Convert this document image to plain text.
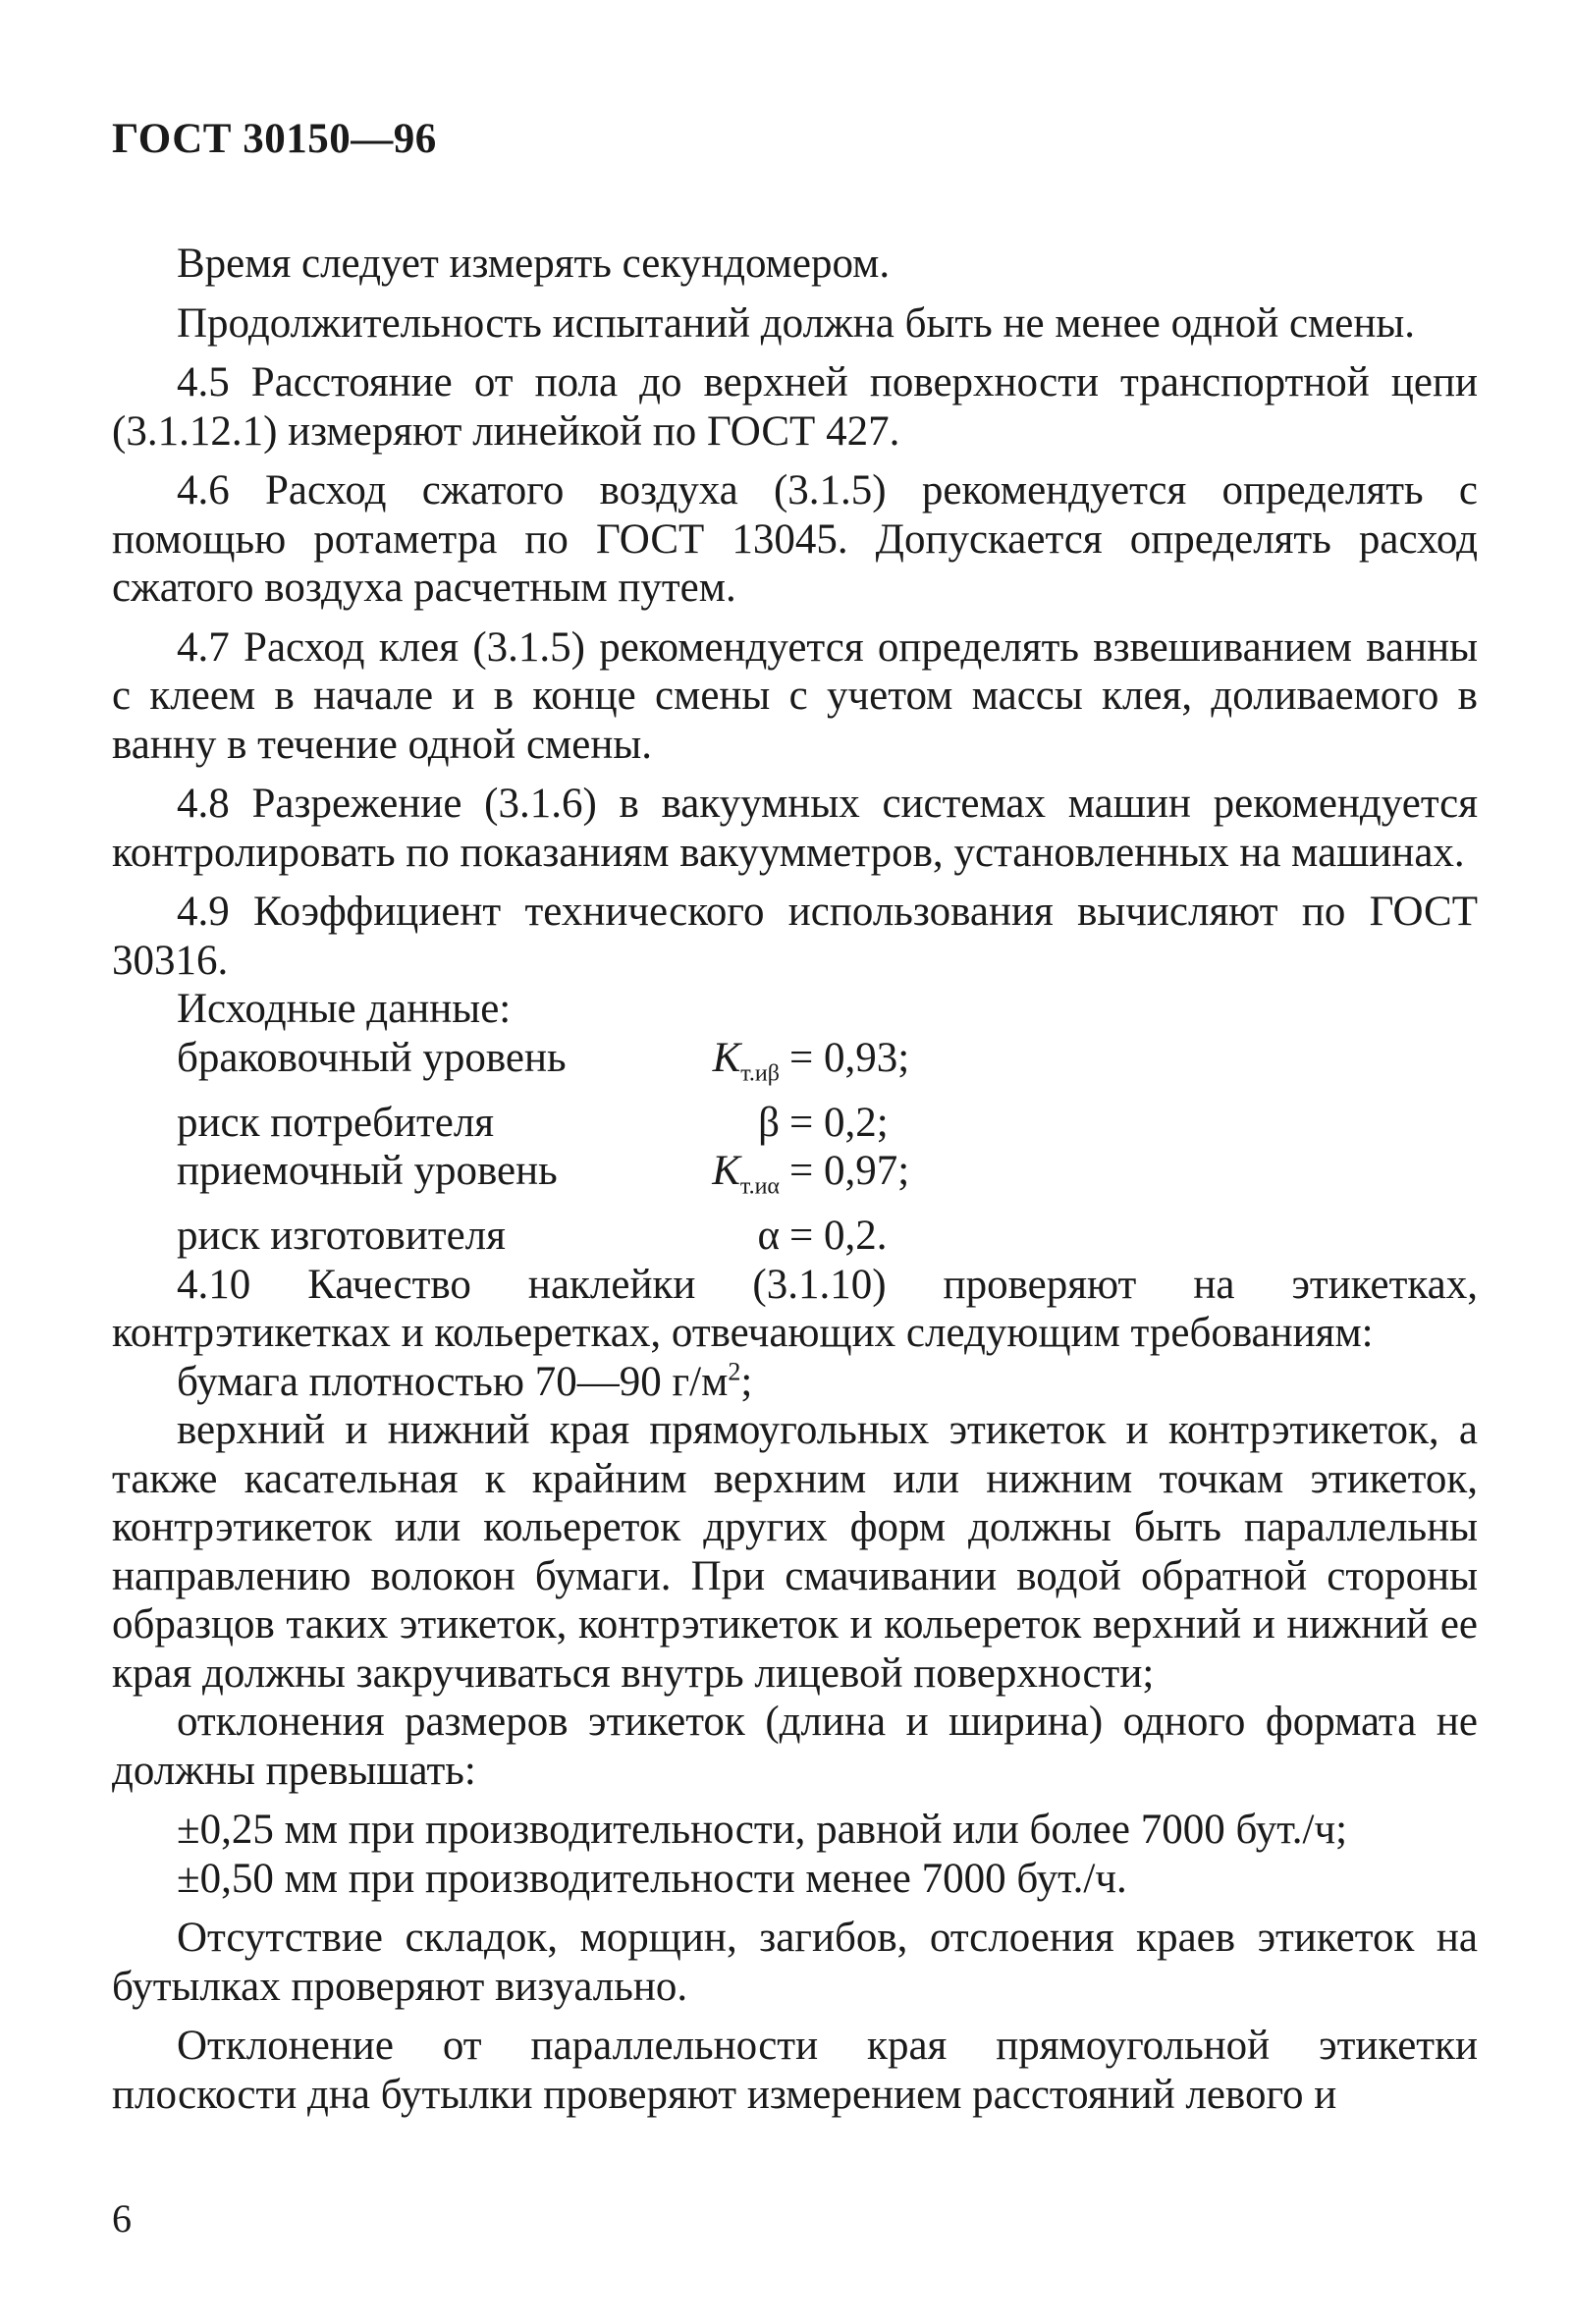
ГОСТ 30150—96

Время следует измерять секундомером.

Продолжительность испытаний должна быть не менее одной смены.

4.5 Расстояние от пола до верхней поверхности транспортной цепи (3.1.12.1) измеряют линейкой по ГОСТ 427.

4.6 Расход сжатого воздуха (3.1.5) рекомендуется определять с помощью ротаметра по ГОСТ 13045. Допускается определять расход сжатого воздуха расчетным путем.

4.7 Расход клея (3.1.5) рекомендуется определять взвешиванием ванны с клеем в начале и в конце смены с учетом массы клея, доливаемого в ванну в течение одной смены.

4.8 Разрежение (3.1.6) в вакуумных системах машин рекомендуется контролировать по показаниям вакуумметров, установленных на машинах.

4.9 Коэффициент технического использования вычисляют по ГОСТ 30316.

Исходные данные:

браковочный уровень	$K_{т.и\beta} = 0,93$;
риск потребителя	β = 0,2;
приемочный уровень	$K_{т.и\alpha} = 0,97$;
риск изготовителя	α = 0,2.

4.10 Качество наклейки (3.1.10) проверяют на этикетках, контрэтикетках и кольеретках, отвечающих следующим требованиям:

бумага плотностью 70—90 $г/м^2$;

верхний и нижний края прямоугольных этикеток и контрэтикеток, а также касательная к крайним верхним или нижним точкам этикеток, контрэтикеток или кольереток других форм должны быть параллельны направлению волокон бумаги. При смачивании водой обратной стороны образцов таких этикеток, контрэтикеток и кольереток верхний и нижний ее края должны закручиваться внутрь лицевой поверхности;

отклонения размеров этикеток (длина и ширина) одного формата не должны превышать:

±0,25 мм при производительности, равной или более 7000 бут./ч;

±0,50 мм при производительности менее 7000 бут./ч.

Отсутствие складок, морщин, загибов, отслоения краев этикеток на бутылках проверяют визуально.

Отклонение от параллельности края прямоугольной этикетки плоскости дна бутылки проверяют измерением расстояний левого и

6
